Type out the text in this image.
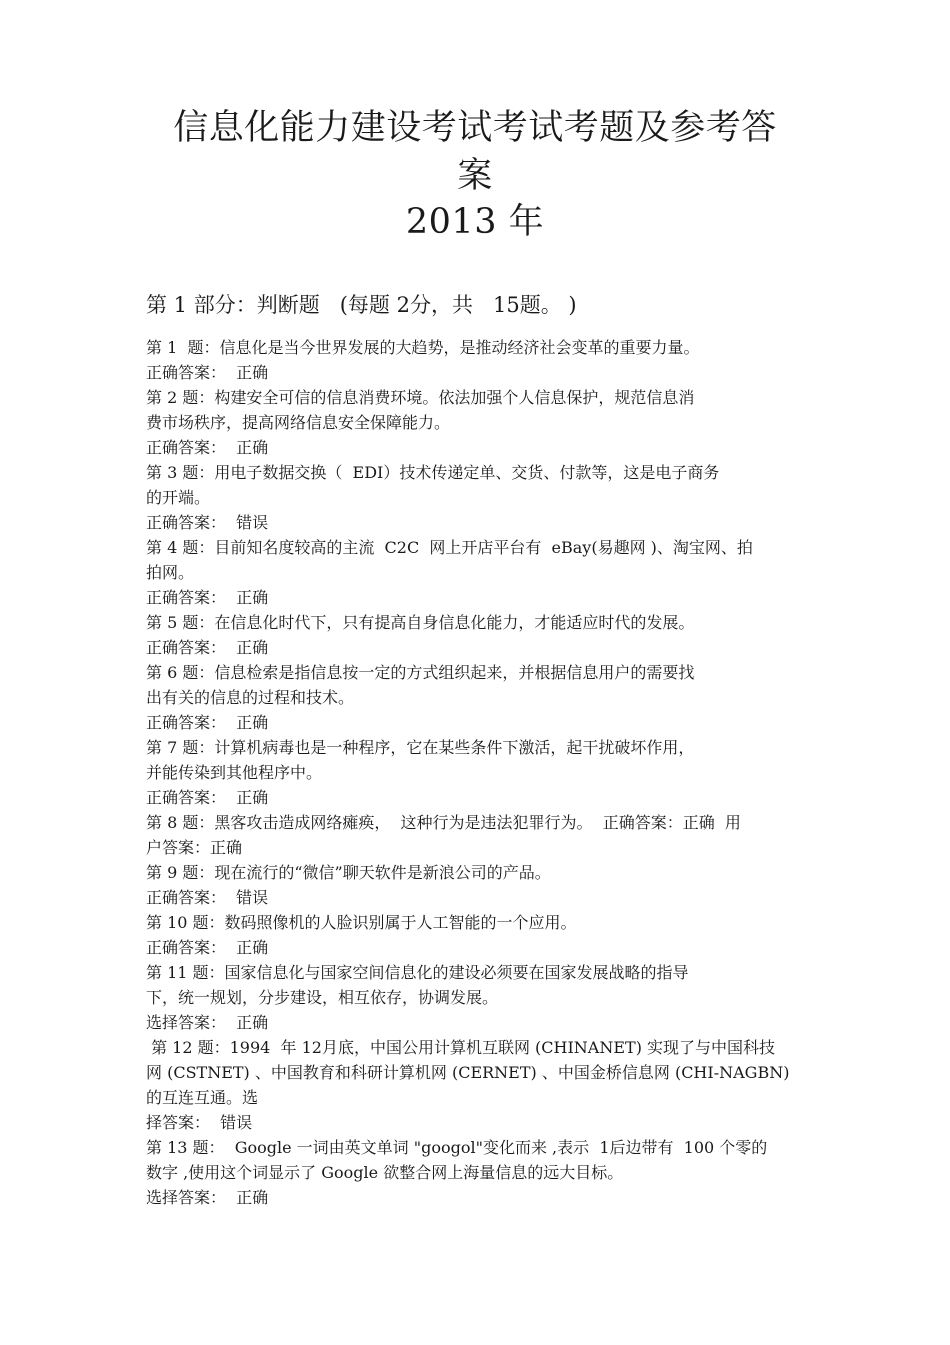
信息化能力建设考试考试考题及参考答
案
2013 年
第 1 部分：判断题   (每题 2分，共   15题。 )
第 1  题：信息化是当今世界发展的大趋势，是推动经济社会变革的重要力量。
正确答案：  正确
第 2 题：构建安全可信的信息消费环境。依法加强个人信息保护，规范信息消
费市场秩序，提高网络信息安全保障能力。
正确答案：  正确
第 3 题：用电子数据交换（  EDI）技术传递定单、交货、付款等，这是电子商务
的开端。
正确答案：  错误
第 4 题：目前知名度较高的主流  C2C  网上开店平台有  eBay(易趣网 )、淘宝网、拍
拍网。
正确答案：  正确
第 5 题：在信息化时代下，只有提高自身信息化能力，才能适应时代的发展。
正确答案：  正确
第 6 题：信息检索是指信息按一定的方式组织起来，并根据信息用户的需要找
出有关的信息的过程和技术。
正确答案：  正确
第 7 题：计算机病毒也是一种程序，它在某些条件下激活，起干扰破坏作用，
并能传染到其他程序中。
正确答案：  正确
第 8 题：黑客攻击造成网络瘫痪，  这种行为是违法犯罪行为。  正确答案：正确  用
户答案：正确
第 9 题：现在流行的“微信”聊天软件是新浪公司的产品。
正确答案：  错误
第 10 题：数码照像机的人脸识别属于人工智能的一个应用。
正确答案：  正确
第 11 题：国家信息化与国家空间信息化的建设必须要在国家发展战略的指导
下，统一规划，分步建设，相互依存，协调发展。
选择答案：  正确
第 12 题：1994  年 12月底，中国公用计算机互联网 (CHINANET) 实现了与中国科技
网 (CSTNET) 、中国教育和科研计算机网 (CERNET) 、中国金桥信息网 (CHI-NAGBN)
的互连互通。选
择答案：  错误
第 13 题：  Google 一词由英文单词 "googol"变化而来 ,表示  1后边带有  100 个零的
数字 ,使用这个词显示了 Google 欲整合网上海量信息的远大目标。
选择答案：  正确
